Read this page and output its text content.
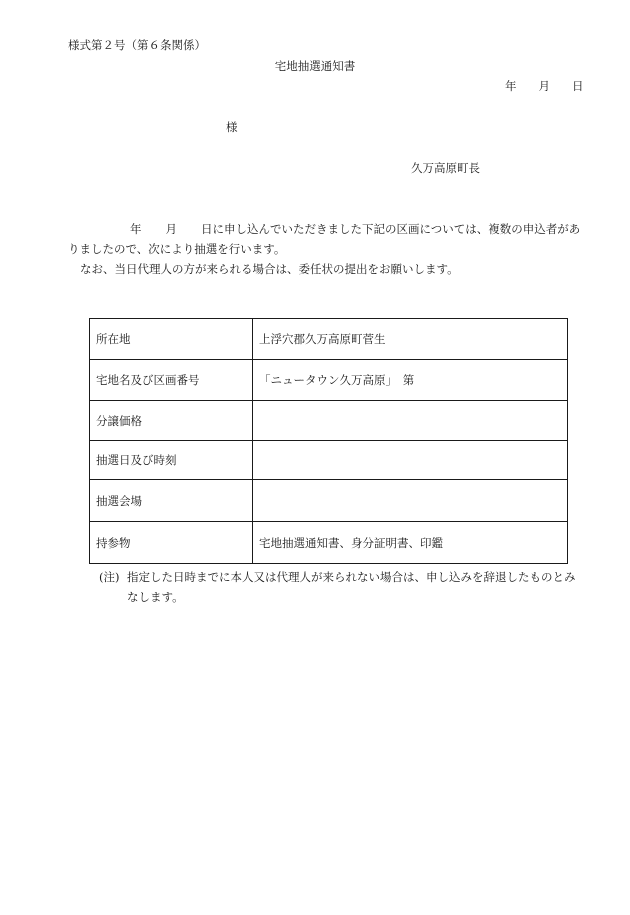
様式第２号（第６条関係）
宅地抽選通知書
年 月 日
様
久万高原町長
年 月 日に申し込んでいただきました下記の区画については、複数の申込者があ
りましたので、次により抽選を行います。
なお、当日代理人の方が来られる場合は、委任状の提出をお願いします。
所在地	上浮穴郡久万高原町菅生
宅地名及び区画番号	「ニュータウン久万高原」　第
分譲価格	
抽選日及び時刻	
抽選会場	
持参物	宅地抽選通知書、身分証明書、印鑑
(注) 指定した日時までに本人又は代理人が来られない場合は、申し込みを辞退したものとみ
なします。
